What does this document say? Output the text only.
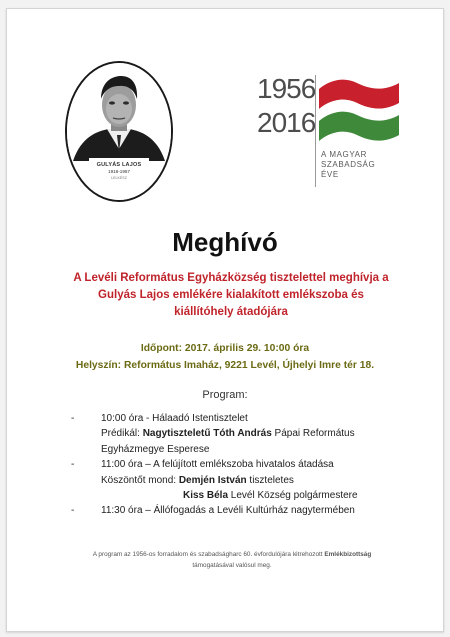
GULYÁS LAJOS
1918-1957
LELKÉSZ
1956
2016
A MAGYAR
SZABADSÁG
ÉVE
Meghívó
A Levéli Református Egyházközség tisztelettel meghívja a
Gulyás Lajos emlékére kialakított emlékszoba és
kiállítóhely átadójára
Időpont: 2017. április 29. 10:00 óra
Helyszín: Református Imaház, 9221 Levél, Újhelyi Imre tér 18.
Program:
-	10:00 óra - Hálaadó Istentisztelet
Prédikál: Nagytiszteletű Tóth András Pápai Református
Egyházmegye Esperese
-	11:00 óra – A felújított emlékszoba hivatalos átadása
Köszöntőt mond: Demjén István tiszteletes
Kiss Béla Levél Község polgármestere
-	11:30 óra – Állófogadás a Levéli Kultúrház nagytermében
A program az 1956-os forradalom és szabadságharc 60. évfordulójára létrehozott Emlékbizottság
támogatásával valósul meg.
